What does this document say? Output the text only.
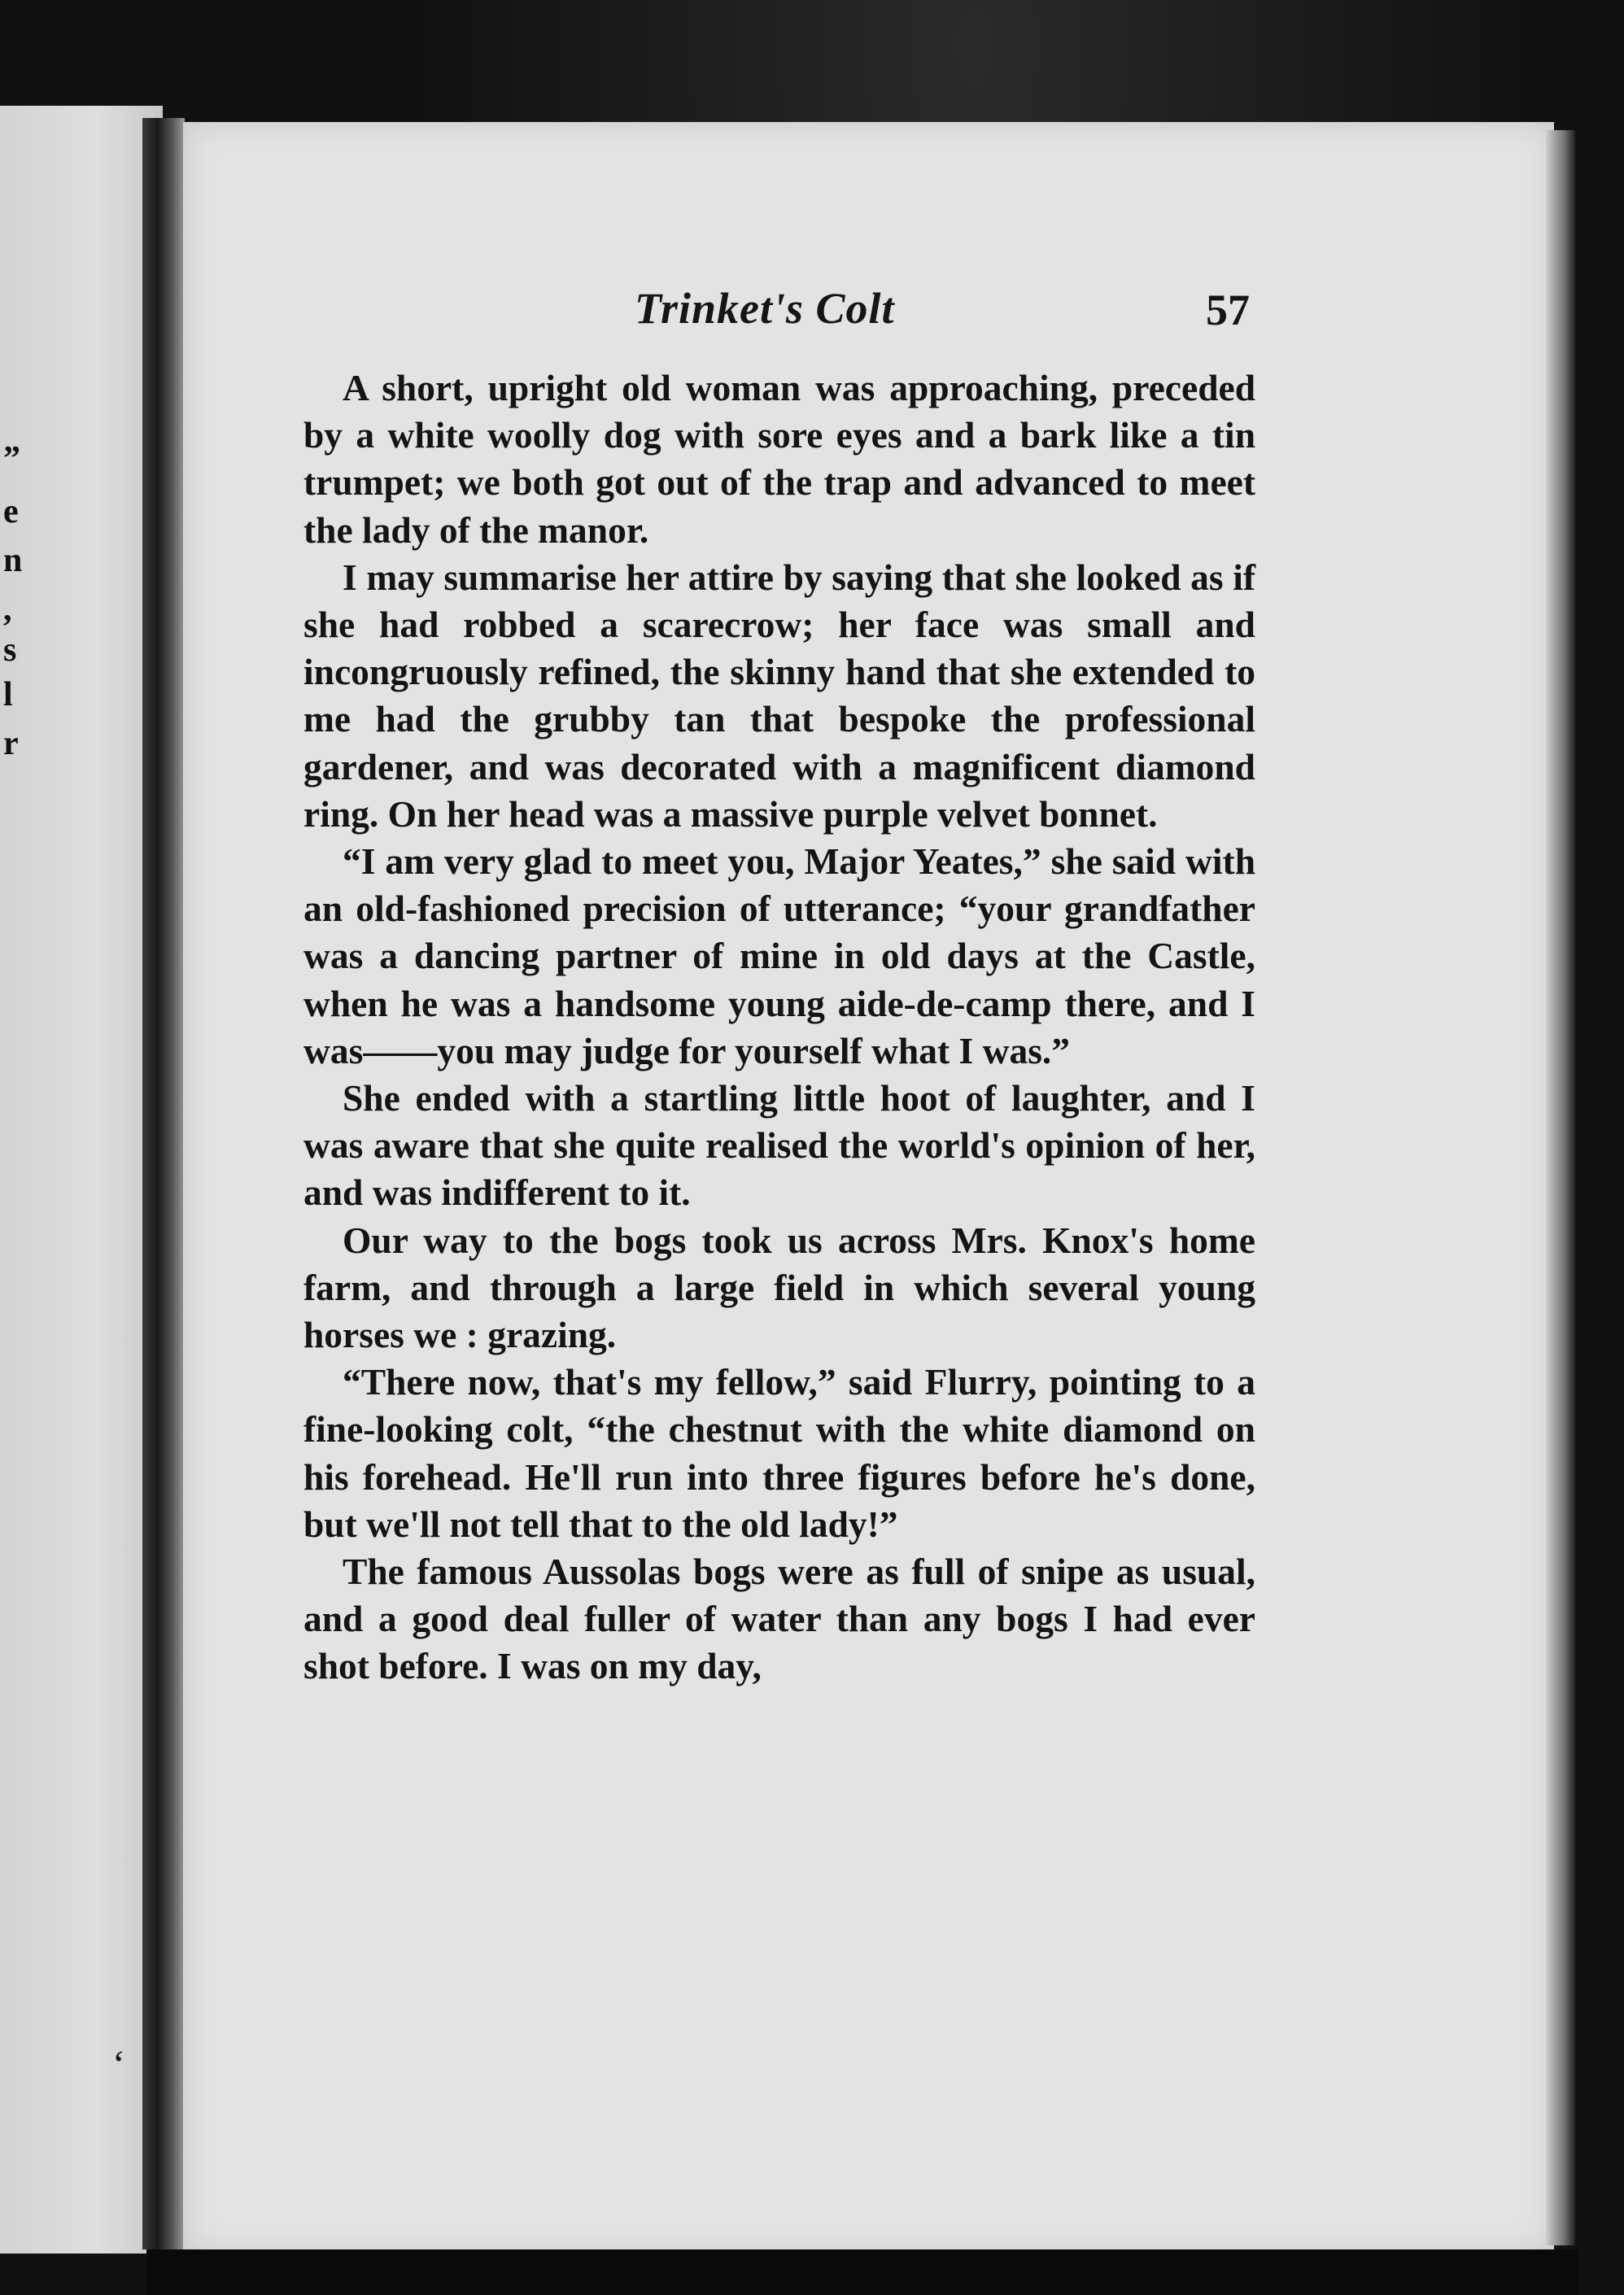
”
e
n
,
s
l
r
Trinket's Colt	57

A short, upright old woman was approaching, preceded by a white woolly dog with sore eyes and a bark like a tin trumpet; we both got out of the trap and advanced to meet the lady of the manor.

I may summarise her attire by saying that she looked as if she had robbed a scarecrow; her face was small and incongruously refined, the skinny hand that she extended to me had the grubby tan that bespoke the professional gardener, and was decorated with a magnificent diamond ring. On her head was a massive purple velvet bonnet.

“I am very glad to meet you, Major Yeates,” she said with an old-fashioned precision of utterance; “your grandfather was a dancing partner of mine in old days at the Castle, when he was a handsome young aide-de-camp there, and I was——you may judge for yourself what I was.”

She ended with a startling little hoot of laughter, and I was aware that she quite realised the world's opinion of her, and was indifferent to it.

Our way to the bogs took us across Mrs. Knox's home farm, and through a large field in which several young horses we : grazing.

“There now, that's my fellow,” said Flurry, pointing to a fine-looking colt, “the chestnut with the white diamond on his forehead. He'll run into three figures before he's done, but we'll not tell that to the old lady!”

The famous Aussolas bogs were as full of snipe as usual, and a good deal fuller of water than any bogs I had ever shot before. I was on my day,

‘
